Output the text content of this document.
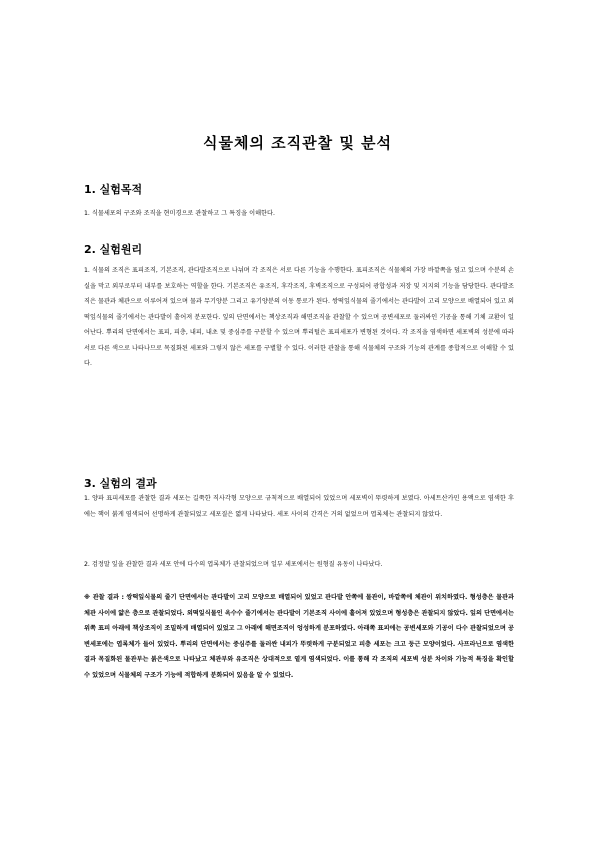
식물체의 조직관찰 및 분석
1. 실험목적
1. 식물세포의 구조와 조직을 현미경으로 관찰하고 그 특징을 이해한다.
2. 실험원리
1. 식물의 조직은 표피조직, 기본조직, 관다발조직으로 나뉘며 각 조직은 서로 다른 기능을 수행한다. 표피조직은 식물체의 가장 바깥쪽을 덮고 있으며 수분의 손실을 막고 외부로부터 내부를 보호하는 역할을 한다. 기본조직은 유조직, 후각조직, 후벽조직으로 구성되어 광합성과 저장 및 지지의 기능을 담당한다. 관다발조직은 물관과 체관으로 이루어져 있으며 물과 무기양분 그리고 유기양분의 이동 통로가 된다. 쌍떡잎식물의 줄기에서는 관다발이 고리 모양으로 배열되어 있고 외떡잎식물의 줄기에서는 관다발이 흩어져 분포한다. 잎의 단면에서는 책상조직과 해면조직을 관찰할 수 있으며 공변세포로 둘러싸인 기공을 통해 기체 교환이 일어난다. 뿌리의 단면에서는 표피, 피층, 내피, 내초 및 중심주를 구분할 수 있으며 뿌리털은 표피세포가 변형된 것이다. 각 조직을 염색하면 세포벽의 성분에 따라 서로 다른 색으로 나타나므로 목질화된 세포와 그렇지 않은 세포를 구별할 수 있다. 이러한 관찰을 통해 식물체의 구조와 기능의 관계를 종합적으로 이해할 수 있다.
3. 실험의 결과
1. 양파 표피세포를 관찰한 결과 세포는 길쭉한 직사각형 모양으로 규칙적으로 배열되어 있었으며 세포벽이 뚜렷하게 보였다. 아세트산카민 용액으로 염색한 후에는 핵이 붉게 염색되어 선명하게 관찰되었고 세포질은 엷게 나타났다. 세포 사이의 간격은 거의 없었으며 엽록체는 관찰되지 않았다.
2. 검정말 잎을 관찰한 결과 세포 안에 다수의 엽록체가 관찰되었으며 일부 세포에서는 원형질 유동이 나타났다.
※ 관찰 결과 : 쌍떡잎식물의 줄기 단면에서는 관다발이 고리 모양으로 배열되어 있었고 관다발 안쪽에 물관이, 바깥쪽에 체관이 위치하였다. 형성층은 물관과 체관 사이에 얇은 층으로 관찰되었다. 외떡잎식물인 옥수수 줄기에서는 관다발이 기본조직 사이에 흩어져 있었으며 형성층은 관찰되지 않았다. 잎의 단면에서는 위쪽 표피 아래에 책상조직이 조밀하게 배열되어 있었고 그 아래에 해면조직이 엉성하게 분포하였다. 아래쪽 표피에는 공변세포와 기공이 다수 관찰되었으며 공변세포에는 엽록체가 들어 있었다. 뿌리의 단면에서는 중심주를 둘러싼 내피가 뚜렷하게 구분되었고 피층 세포는 크고 둥근 모양이었다. 사프라닌으로 염색한 결과 목질화된 물관부는 붉은색으로 나타났고 체관부와 유조직은 상대적으로 옅게 염색되었다. 이를 통해 각 조직의 세포벽 성분 차이와 기능적 특징을 확인할 수 있었으며 식물체의 구조가 기능에 적합하게 분화되어 있음을 알 수 있었다.
